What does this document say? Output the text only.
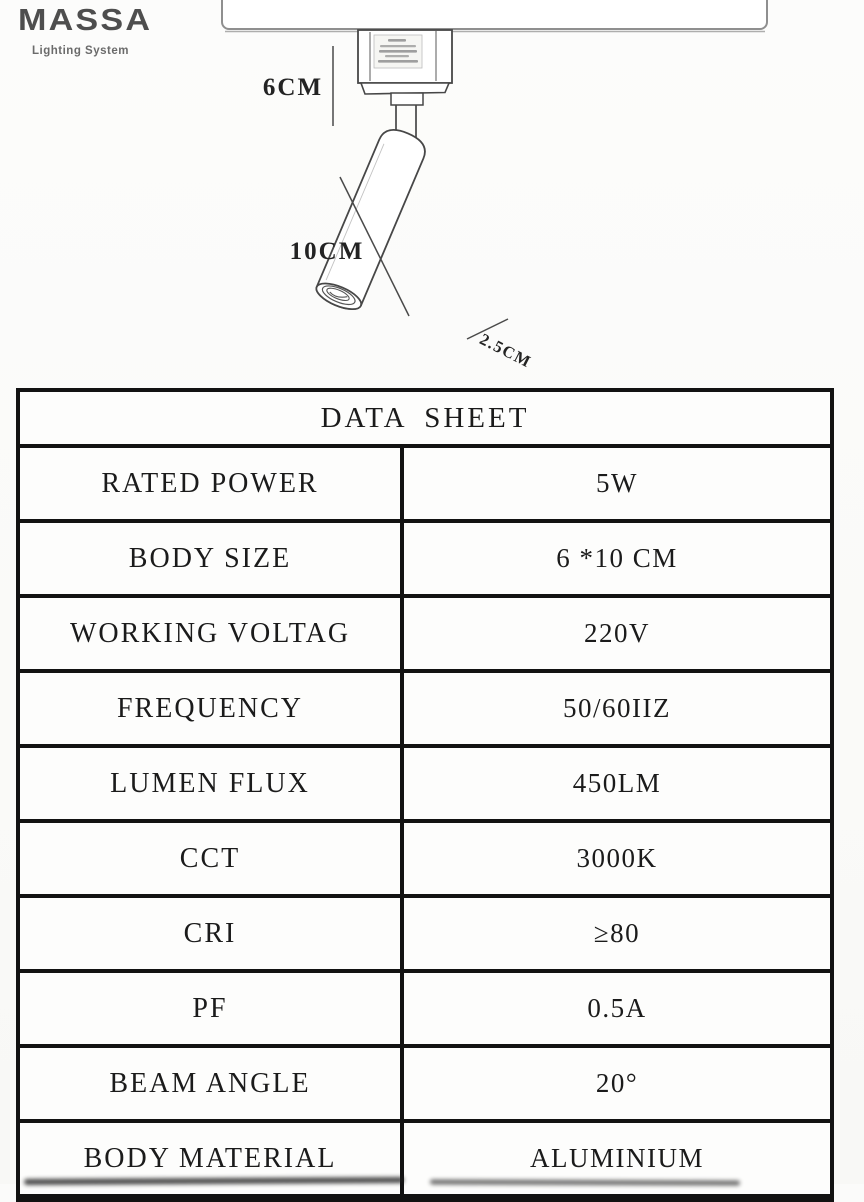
MASSA
Lighting System
6CM
10CM
2.5CM
DATA SHEET
RATED POWER	5W
BODY SIZE	6 *10 CM
WORKING VOLTAG	220V
FREQUENCY	50/60IIZ
LUMEN FLUX	450LM
CCT	3000K
CRI	≥80
PF	0.5A
BEAM ANGLE	20°
BODY MATERIAL	ALUMINIUM
